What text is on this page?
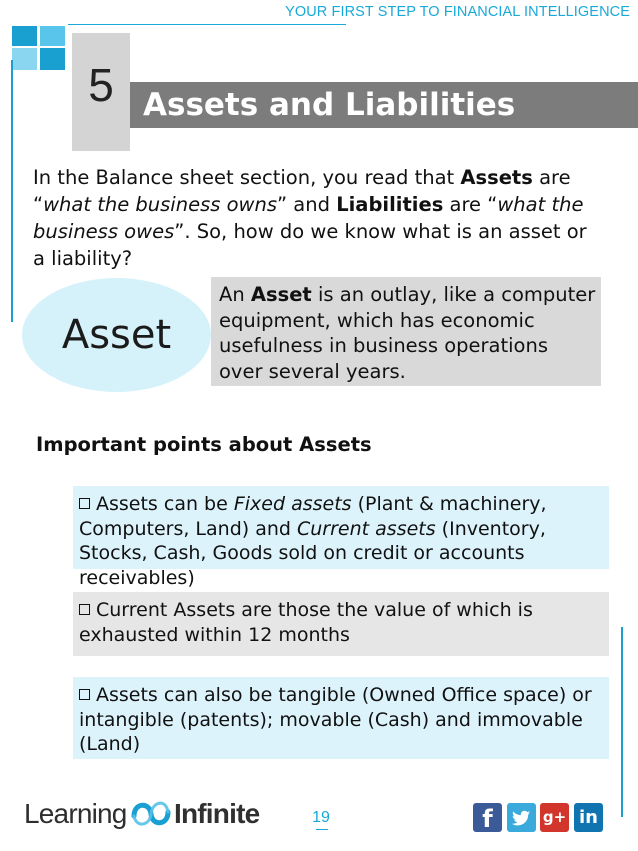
YOUR FIRST STEP TO FINANCIAL INTELLIGENCE
5 Assets and Liabilities
In the Balance sheet section, you read that Assets are “what the business owns” and Liabilities are “what the business owes”. So, how do we know what is an asset or a liability?
Asset
An Asset is an outlay, like a computer equipment, which has economic usefulness in business operations over several years.
Important points about Assets
Assets can be Fixed assets (Plant & machinery, Computers, Land) and Current assets (Inventory, Stocks, Cash, Goods sold on credit or accounts receivables)
Current Assets are those the value of which is exhausted within 12 months
Assets can also be tangible (Owned Office space) or intangible (patents); movable (Cash) and immovable (Land)
Learning Infinite	19	f	g+ in
